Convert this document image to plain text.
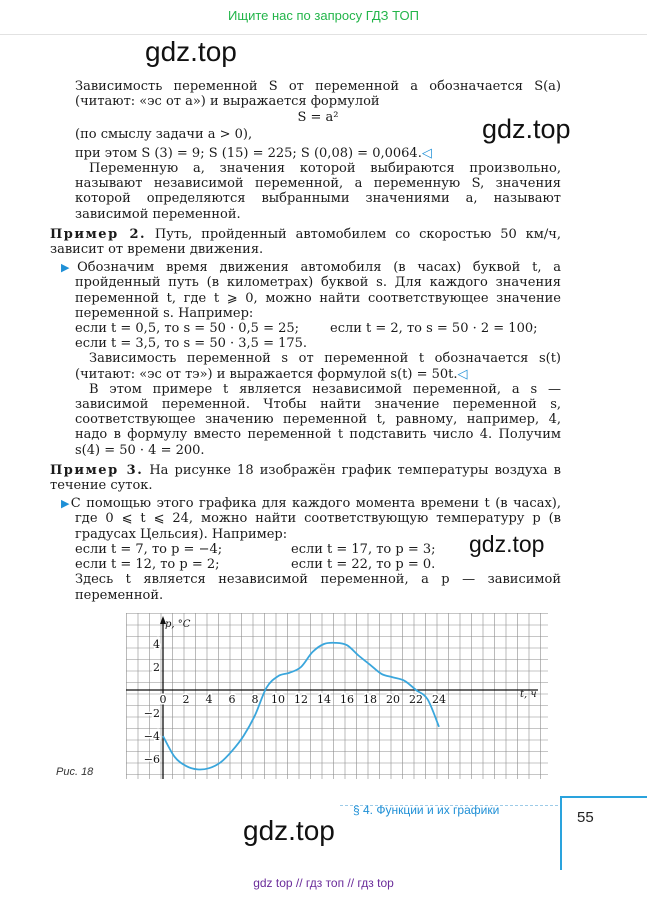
Ищите нас по запросу ГДЗ ТОП
gdz.top
gdz.top
gdz.top
gdz.top

Зависимость переменной S от переменной a обозначается S(a) (читают: «эс от a») и выражается формулой

S = a²

(по смыслу задачи a > 0),

при этом S (3) = 9; S (15) = 225; S (0,08) = 0,0064.◁

Переменную a, значения которой выбираются произвольно, называют независимой переменной, а переменную S, значения которой определяются выбранными значениями a, называют зависимой переменной.

Пример 2. Путь, пройденный автомобилем со скоростью 50 км/ч, зависит от времени движения.

▶Обозначим время движения автомобиля (в часах) буквой t, а пройденный путь (в километрах) буквой s. Для каждого значения переменной t, где t ⩾ 0, можно найти соответствующее значение переменной s. Например:

если t = 0,5, то s = 50 · 0,5 = 25;	если t = 2, то s = 50 · 2 = 100;

если t = 3,5, то s = 50 · 3,5 = 175.

Зависимость переменной s от переменной t обозначается s(t) (читают: «эс от тэ») и выражается формулой s(t) = 50t.◁

В этом примере t является независимой переменной, а s — зависимой переменной. Чтобы найти значение переменной s, соответствующее значению переменной t, равному, например, 4, надо в формулу вместо переменной t подставить число 4. Получим s(4) = 50 · 4 = 200.

Пример 3. На рисунке 18 изображён график температуры воздуха в течение суток.

▶С помощью этого графика для каждого момента времени t (в часах), где 0 ⩽ t ⩽ 24, можно найти соответствующую температуру p (в градусах Цельсия). Например:

если t = 7, то p = −4;	если t = 17, то p = 3;
если t = 12, то p = 2;	если t = 22, то p = 0.

Здесь t является независимой переменной, а p — зависимой переменной.

p, °C
t, ч
0 2 4 6 8 10 12 14 16 18 20 22 24
4
2
−2
−4
−6
Рис. 18
§ 4. Функции и их графики	55
gdz top // гдз топ // гдз top
